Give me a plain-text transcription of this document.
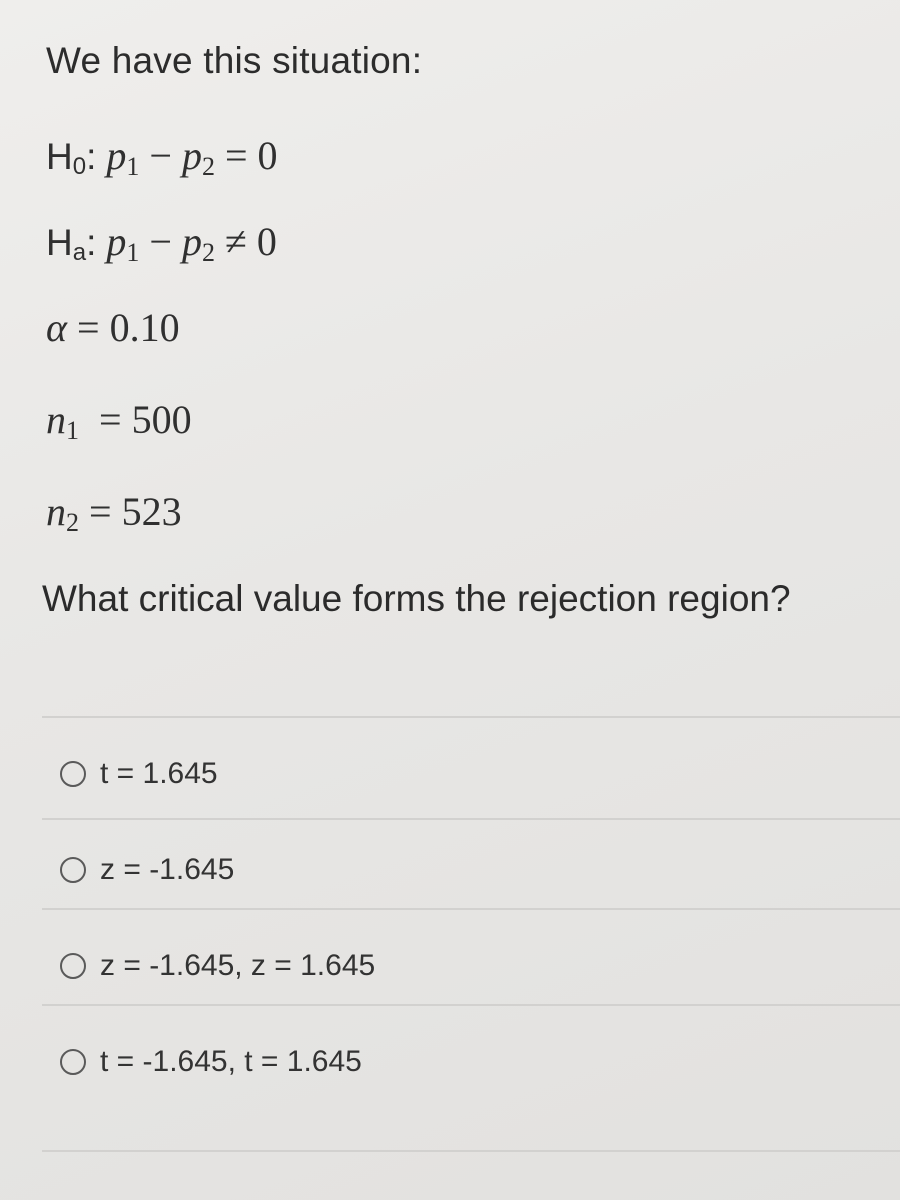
We have this situation:
H0: $p_1 - p_2 = 0$
Ha: $p_1 - p_2 \ne 0$
α = 0.10
$n_1 = 500$
$n_2 = 523$
What critical value forms the rejection region?
t = 1.645
z = -1.645
z = -1.645, z = 1.645
t = -1.645, t = 1.645
